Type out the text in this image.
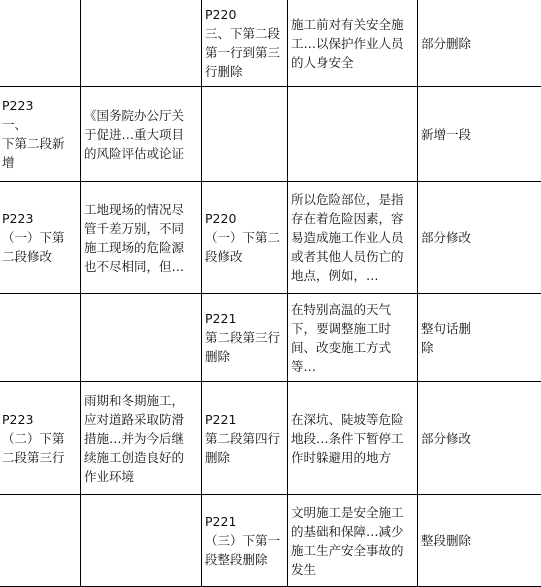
		P220
三、下第二段
第一行到第三
行删除	施工前对有关安全施
工…以保护作业人员
的人身安全	部分删除

P223
一、
下第二段新
增	《国务院办公厅关
于促进…重大项目
的风险评估或论证			新增一段

P223
（一）下第
二段修改	工地现场的情况尽
管千差万别，不同
施工现场的危险源
也不尽相同，但…	P220
（一）下第二
段修改	所以危险部位，是指
存在着危险因素，容
易造成施工作业人员
或者其他人员伤亡的
地点，例如，…	部分修改

		P221
第二段第三行
删除	在特别高温的天气
下，要调整施工时
间、改变施工方式
等…	整句话删
除

P223
（二）下第
二段第三行	雨期和冬期施工，
应对道路采取防滑
措施…并为今后继
续施工创造良好的
作业环境	P221
第二段第四行
删除	在深坑、陡坡等危险
地段…条件下暂停工
作时躲避用的地方	部分修改

		P221
（三）下第一
段整段删除	文明施工是安全施工
的基础和保障…减少
施工生产安全事故的
发生	整段删除
